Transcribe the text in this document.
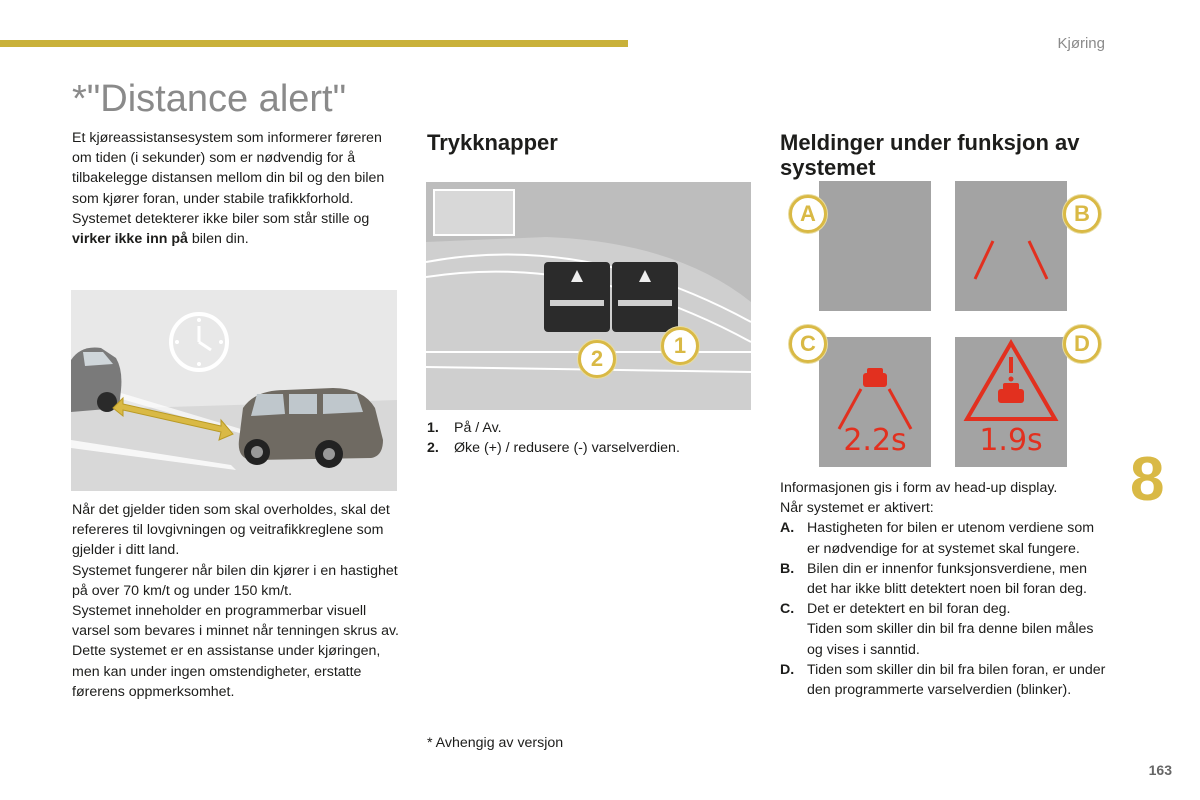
Kjøring
*"Distance alert"

Et kjøreassistansesystem som informerer føreren om tiden (i sekunder) som er nødvendig for å tilbakelegge distansen mellom din bil og den bilen som kjører foran, under stabile trafikkforhold.

Systemet detekterer ikke biler som står stille og virker ikke inn på bilen din.

Når det gjelder tiden som skal overholdes, skal det refereres til lovgivningen og veitrafikkreglene som gjelder i ditt land.

Systemet fungerer når bilen din kjører i en hastighet på over 70 km/t og under 150 km/t.

Systemet inneholder en programmerbar visuell varsel som bevares i minnet når tenningen skrus av.

Dette systemet er en assistanse under kjøringen, men kan under ingen omstendigheter, erstatte førerens oppmerksomhet.

Trykknapper
2
1
1.	På / Av.
2.	Øke (+) / redusere (-) varselverdien.
* Avhengig av versjon
Meldinger under funksjon av systemet
2.2s	1.9s
A	B
C	D

Informasjonen gis i form av head-up display.

Når systemet er aktivert:

A. Hastigheten for bilen er utenom verdiene som er nødvendige for at systemet skal fungere.
B. Bilen din er innenfor funksjonsverdiene, men det har ikke blitt detektert noen bil foran deg.
C. Det er detektert en bil foran deg.
Tiden som skiller din bil fra denne bilen måles og vises i sanntid.
D. Tiden som skiller din bil fra bilen foran, er under den programmerte varselverdien (blinker).
8
163
